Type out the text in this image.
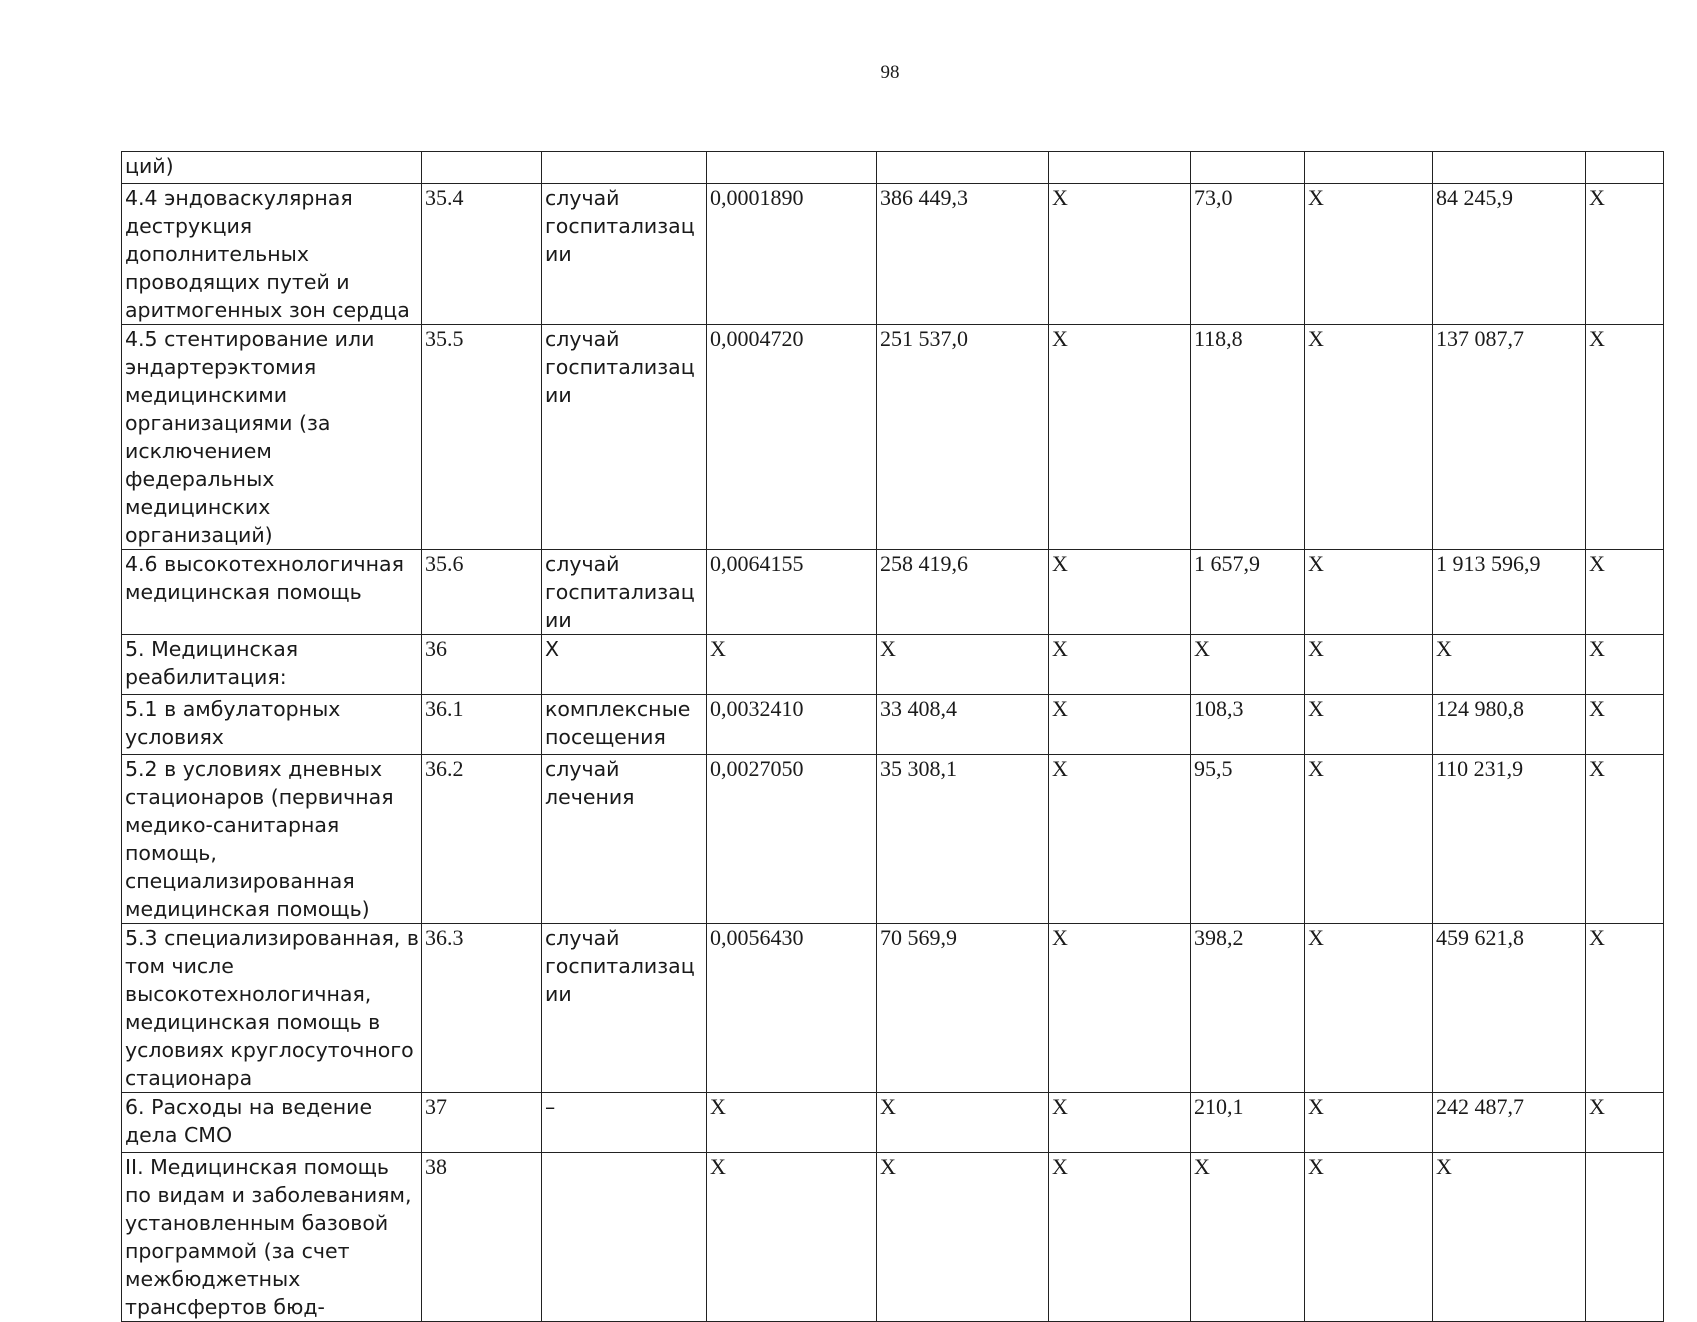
98
ций)									
4.4 эндоваскулярная деструкция дополнительных проводящих путей и аритмогенных зон сердца	35.4	случай госпитализации	0,0001890	386 449,3	X	73,0	X	84 245,9	X
4.5 стентирование или эндартерэктомия медицинскими организациями (за исключением федеральных медицинских организаций)	35.5	случай госпитализации	0,0004720	251 537,0	X	118,8	X	137 087,7	X
4.6 высокотехнологичная медицинская помощь	35.6	случай госпитализации	0,0064155	258 419,6	X	1 657,9	X	1 913 596,9	X
5. Медицинская реабилитация:	36	X	X	X	X	X	X	X	X
5.1 в амбулаторных условиях	36.1	комплексные посещения	0,0032410	33 408,4	X	108,3	X	124 980,8	X
5.2 в условиях дневных стационаров (первичная медико-санитарная помощь, специализированная медицинская помощь)	36.2	случай лечения	0,0027050	35 308,1	X	95,5	X	110 231,9	X
5.3 специализированная, в том числе высокотехнологичная, медицинская помощь в условиях круглосуточного стационара	36.3	случай госпитализации	0,0056430	70 569,9	X	398,2	X	459 621,8	X
6. Расходы на ведение дела СМО	37	–	X	X	X	210,1	X	242 487,7	X
II. Медицинская помощь по видам и заболеваниям, установленным базовой программой (за счет межбюджетных трансфертов бюд-	38		X	X	X	X	X	X	
